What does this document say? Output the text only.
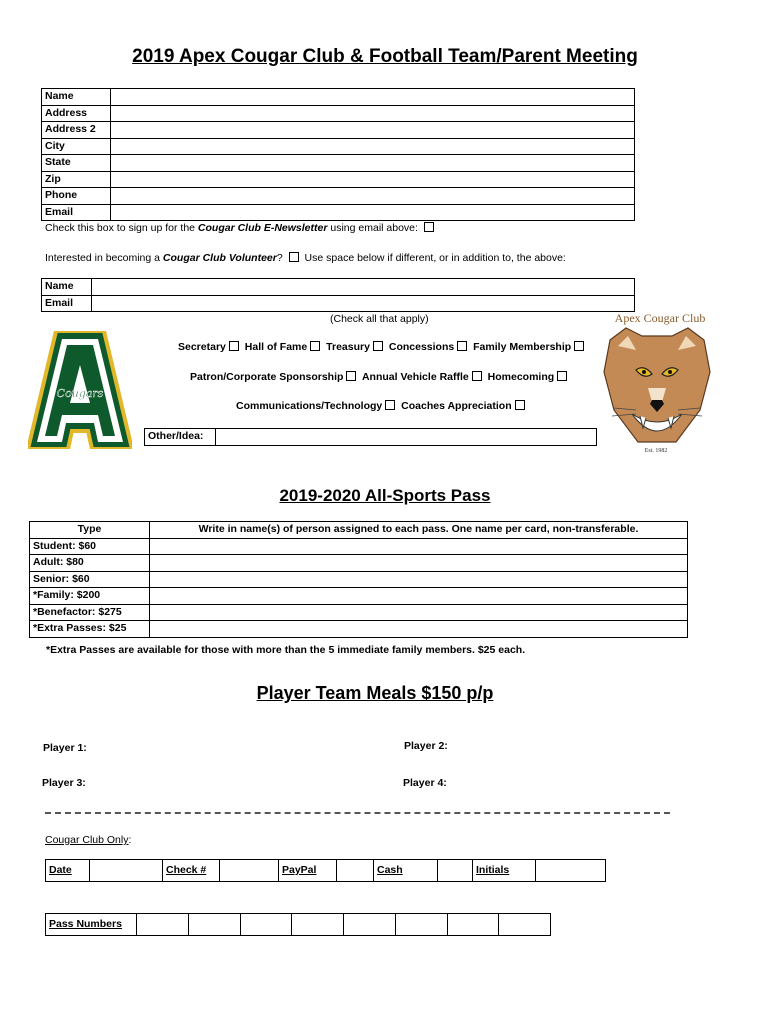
2019 Apex Cougar Club & Football Team/Parent Meeting
Name	
Address	
Address 2	
City	
State	
Zip	
Phone	
Email	
Check this box to sign up for the Cougar Club E-Newsletter using email above:
Interested in becoming a Cougar Club Volunteer? Use space below if different, or in addition to, the above:
Name	
Email	
(Check all that apply)
Cougars
Secretary Hall of Fame Treasury Concessions Family Membership
Patron/Corporate Sponsorship Annual Vehicle Raffle Homecoming
Communications/Technology Coaches Appreciation
Other/Idea:	
Apex Cougar Club
Est. 1982
2019-2020 All-Sports Pass
Type	Write in name(s) of person assigned to each pass. One name per card, non-transferable.
Student: $60	
Adult: $80	
Senior: $60	
*Family: $200	
*Benefactor: $275	
*Extra Passes: $25	
*Extra Passes are available for those with more than the 5 immediate family members. $25 each.
Player Team Meals $150 p/p
Player 1:	Player 2:
Player 3:	Player 4:
Cougar Club Only:
Date		Check #		PayPal		Cash		Initials	
Pass Numbers								
